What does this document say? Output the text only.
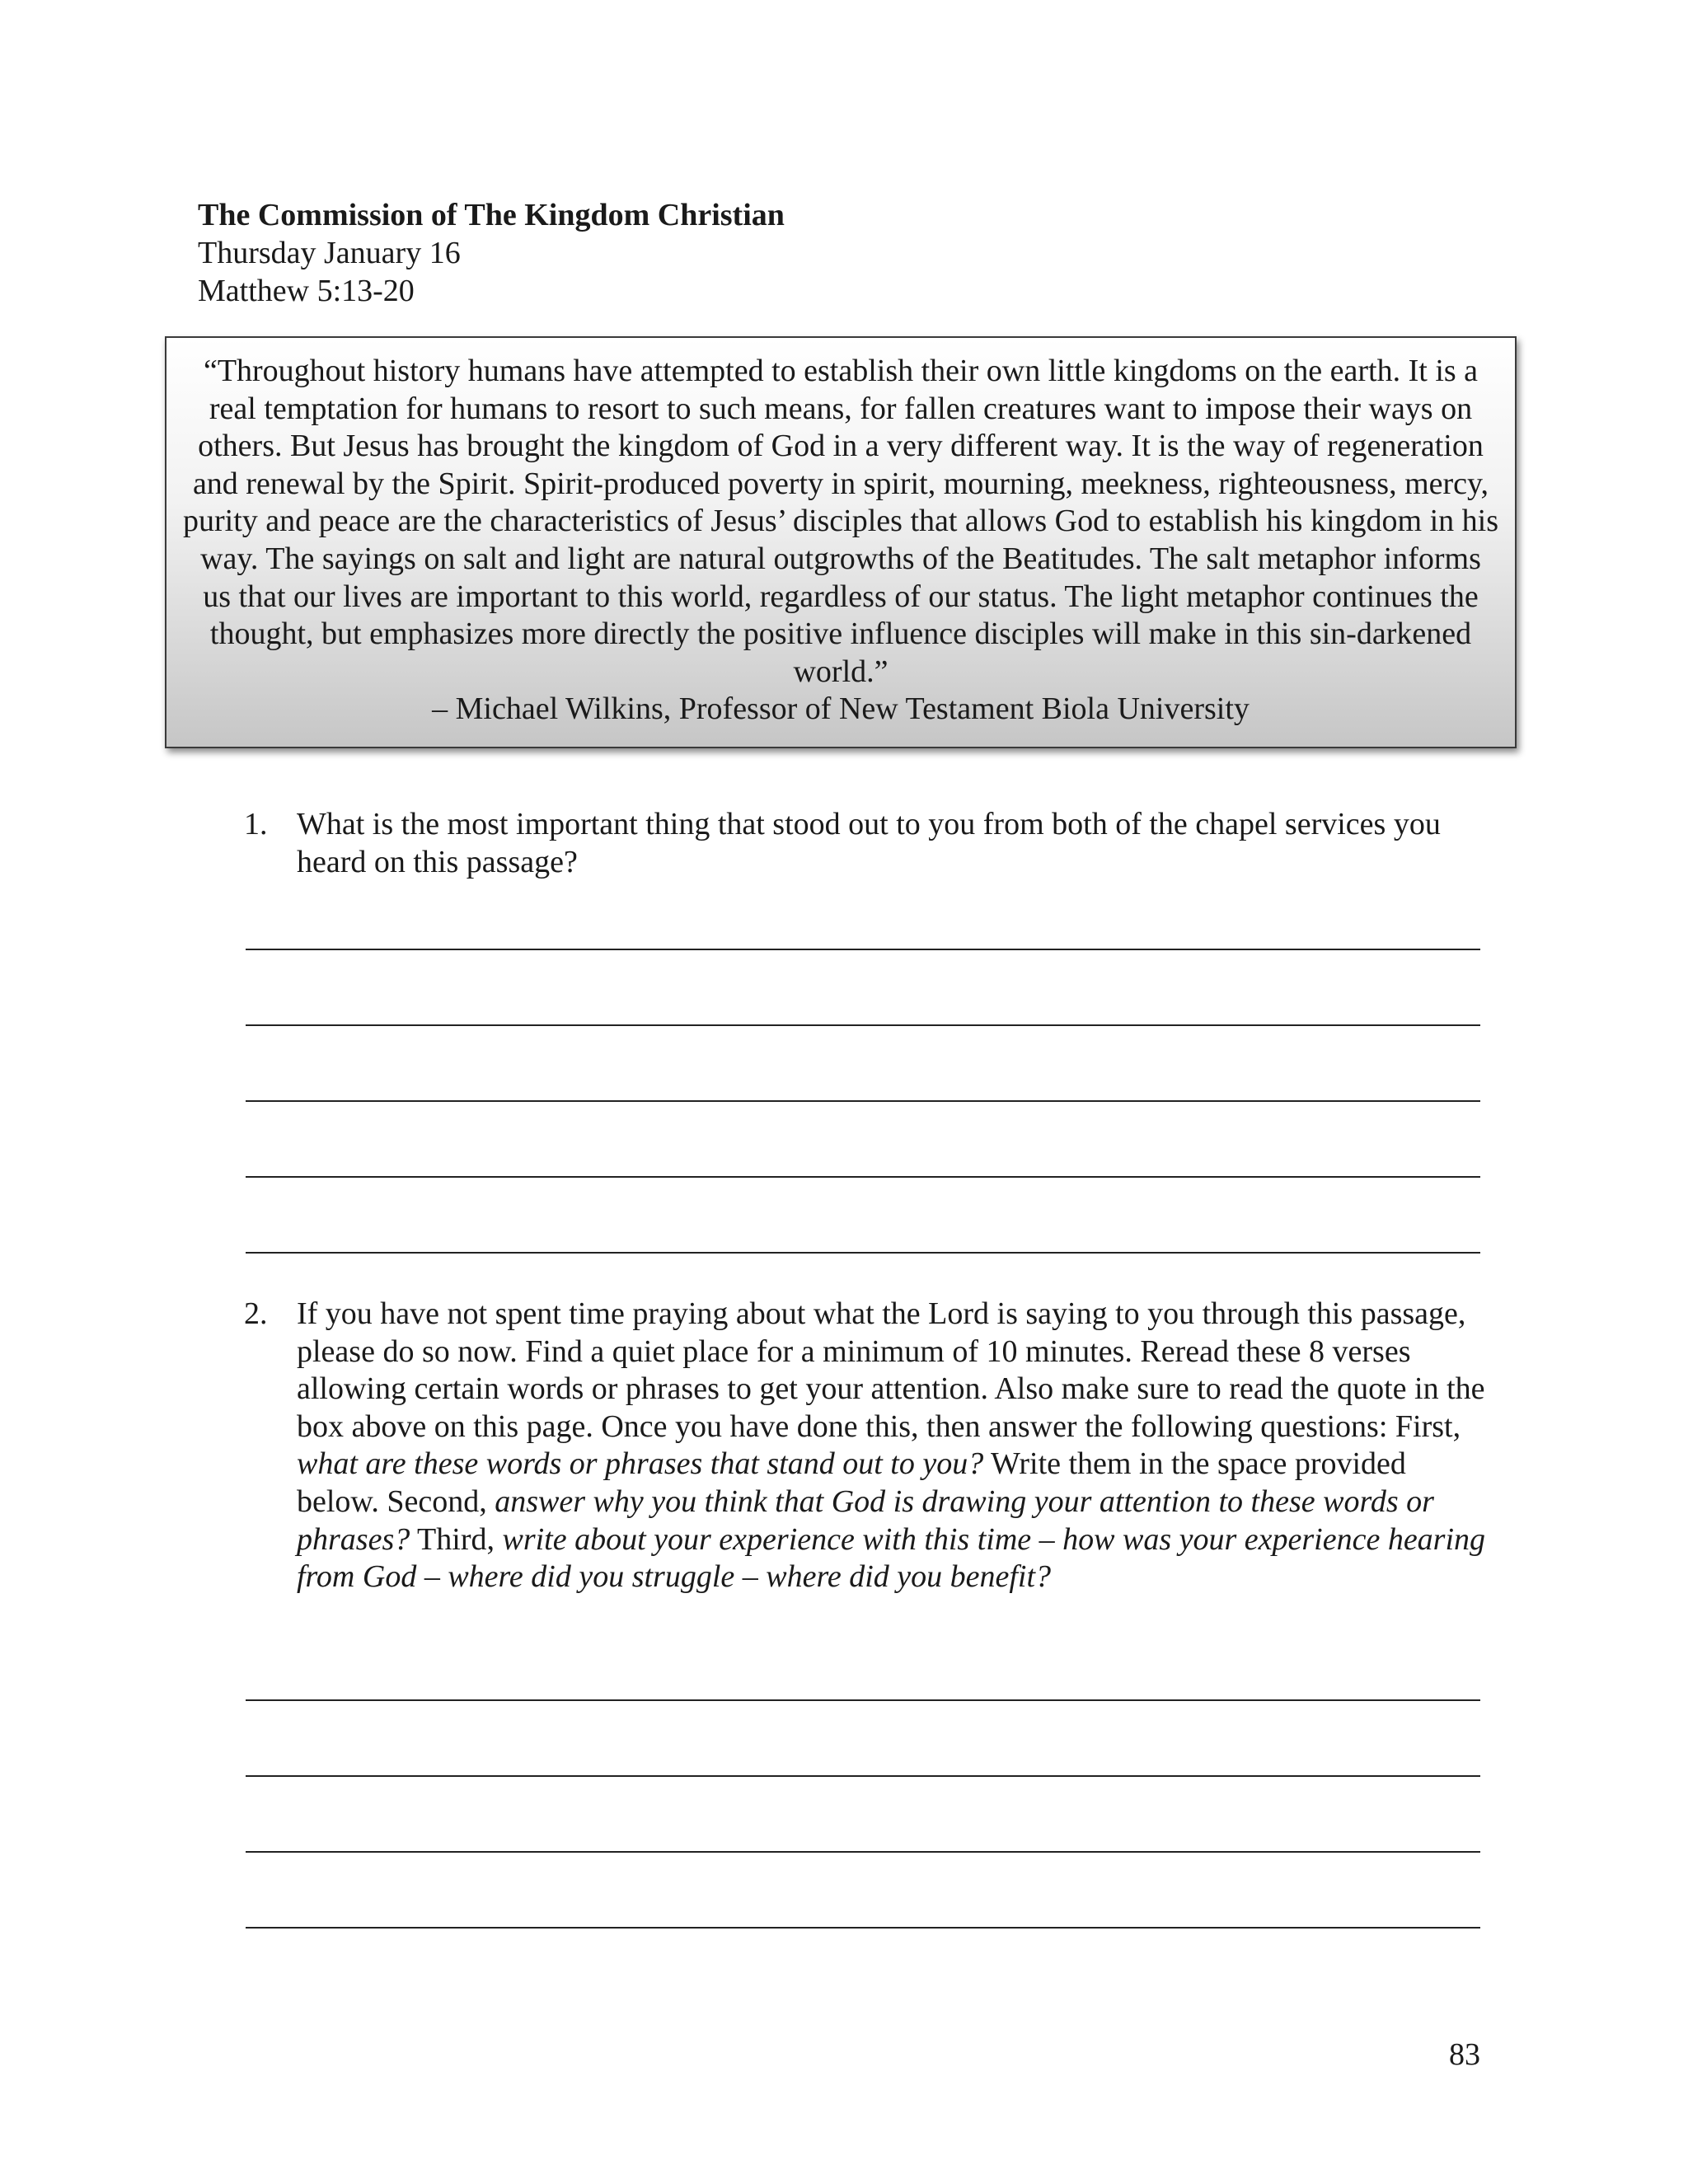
The Commission of The Kingdom Christian
Thursday January 16
Matthew 5:13-20

“Throughout history humans have attempted to establish their own little kingdoms on the earth. It is a real temptation for humans to resort to such means, for fallen creatures want to impose their ways on others. But Jesus has brought the kingdom of God in a very different way. It is the way of regeneration and renewal by the Spirit. Spirit-produced poverty in spirit, mourning, meekness, righteousness, mercy, purity and peace are the characteristics of Jesus’ disciples that allows God to establish his kingdom in his way. The sayings on salt and light are natural outgrowths of the Beatitudes. The salt metaphor informs us that our lives are important to this world, regardless of our status. The light metaphor continues the thought, but emphasizes more directly the positive influence disciples will make in this sin-darkened world.”

– Michael Wilkins, Professor of New Testament Biola University

1. What is the most important thing that stood out to you from both of the chapel services you heard on this passage?
2. If you have not spent time praying about what the Lord is saying to you through this passage, please do so now. Find a quiet place for a minimum of 10 minutes. Reread these 8 verses allowing certain words or phrases to get your attention. Also make sure to read the quote in the box above on this page. Once you have done this, then answer the following questions: First, what are these words or phrases that stand out to you? Write them in the space provided below. Second, answer why you think that God is drawing your attention to these words or phrases? Third, write about your experience with this time – how was your experience hearing from God – where did you struggle – where did you benefit?
83
